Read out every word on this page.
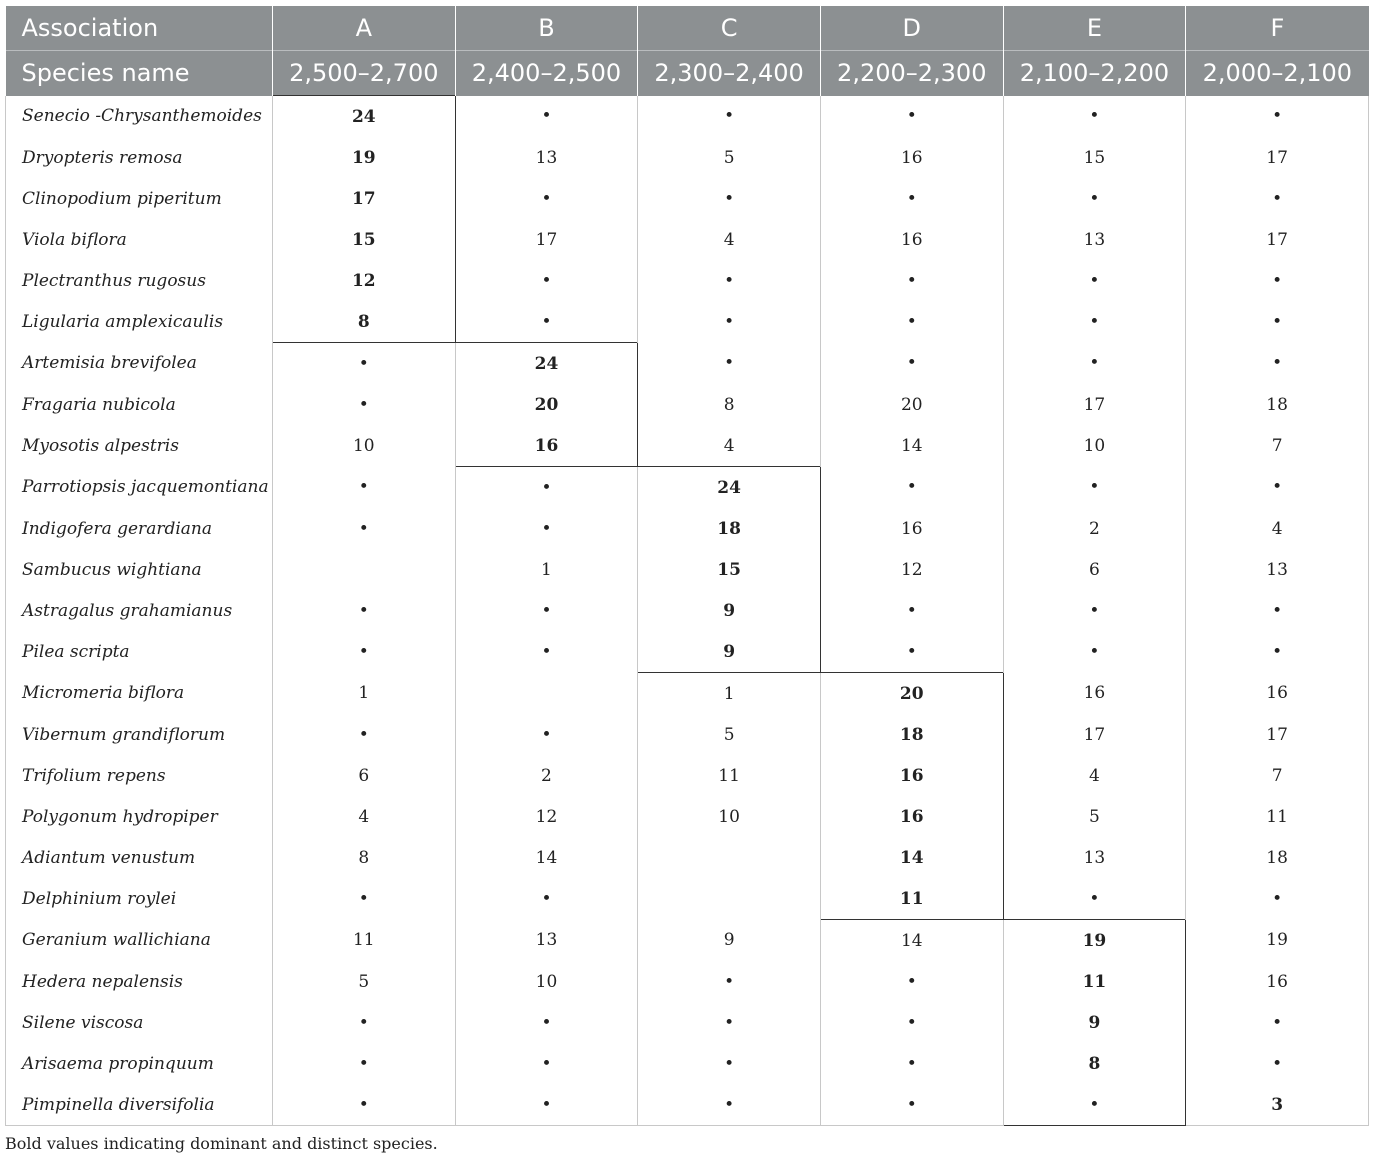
Association	A	B	C	D	E	F
Species name	2,500–2,700	2,400–2,500	2,300–2,400	2,200–2,300	2,100–2,200	2,000–2,100
Senecio -Chrysanthemoides	24	•	•	•	•	•
Dryopteris remosa	19	13	5	16	15	17
Clinopodium piperitum	17	•	•	•	•	•
Viola biflora	15	17	4	16	13	17
Plectranthus rugosus	12	•	•	•	•	•
Ligularia amplexicaulis	8	•	•	•	•	•
Artemisia brevifolea	•	24	•	•	•	•
Fragaria nubicola	•	20	8	20	17	18
Myosotis alpestris	10	16	4	14	10	7
Parrotiopsis jacquemontiana	•	•	24	•	•	•
Indigofera gerardiana	•	•	18	16	2	4
Sambucus wightiana		1	15	12	6	13
Astragalus grahamianus	•	•	9	•	•	•
Pilea scripta	•	•	9	•	•	•
Micromeria biflora	1		1	20	16	16
Vibernum grandiflorum	•	•	5	18	17	17
Trifolium repens	6	2	11	16	4	7
Polygonum hydropiper	4	12	10	16	5	11
Adiantum venustum	8	14		14	13	18
Delphinium roylei	•	•		11	•	•
Geranium wallichiana	11	13	9	14	19	19
Hedera nepalensis	5	10	•	•	11	16
Silene viscosa	•	•	•	•	9	•
Arisaema propinquum	•	•	•	•	8	•
Pimpinella diversifolia	•	•	•	•	•	3
Bold values indicating dominant and distinct species.
